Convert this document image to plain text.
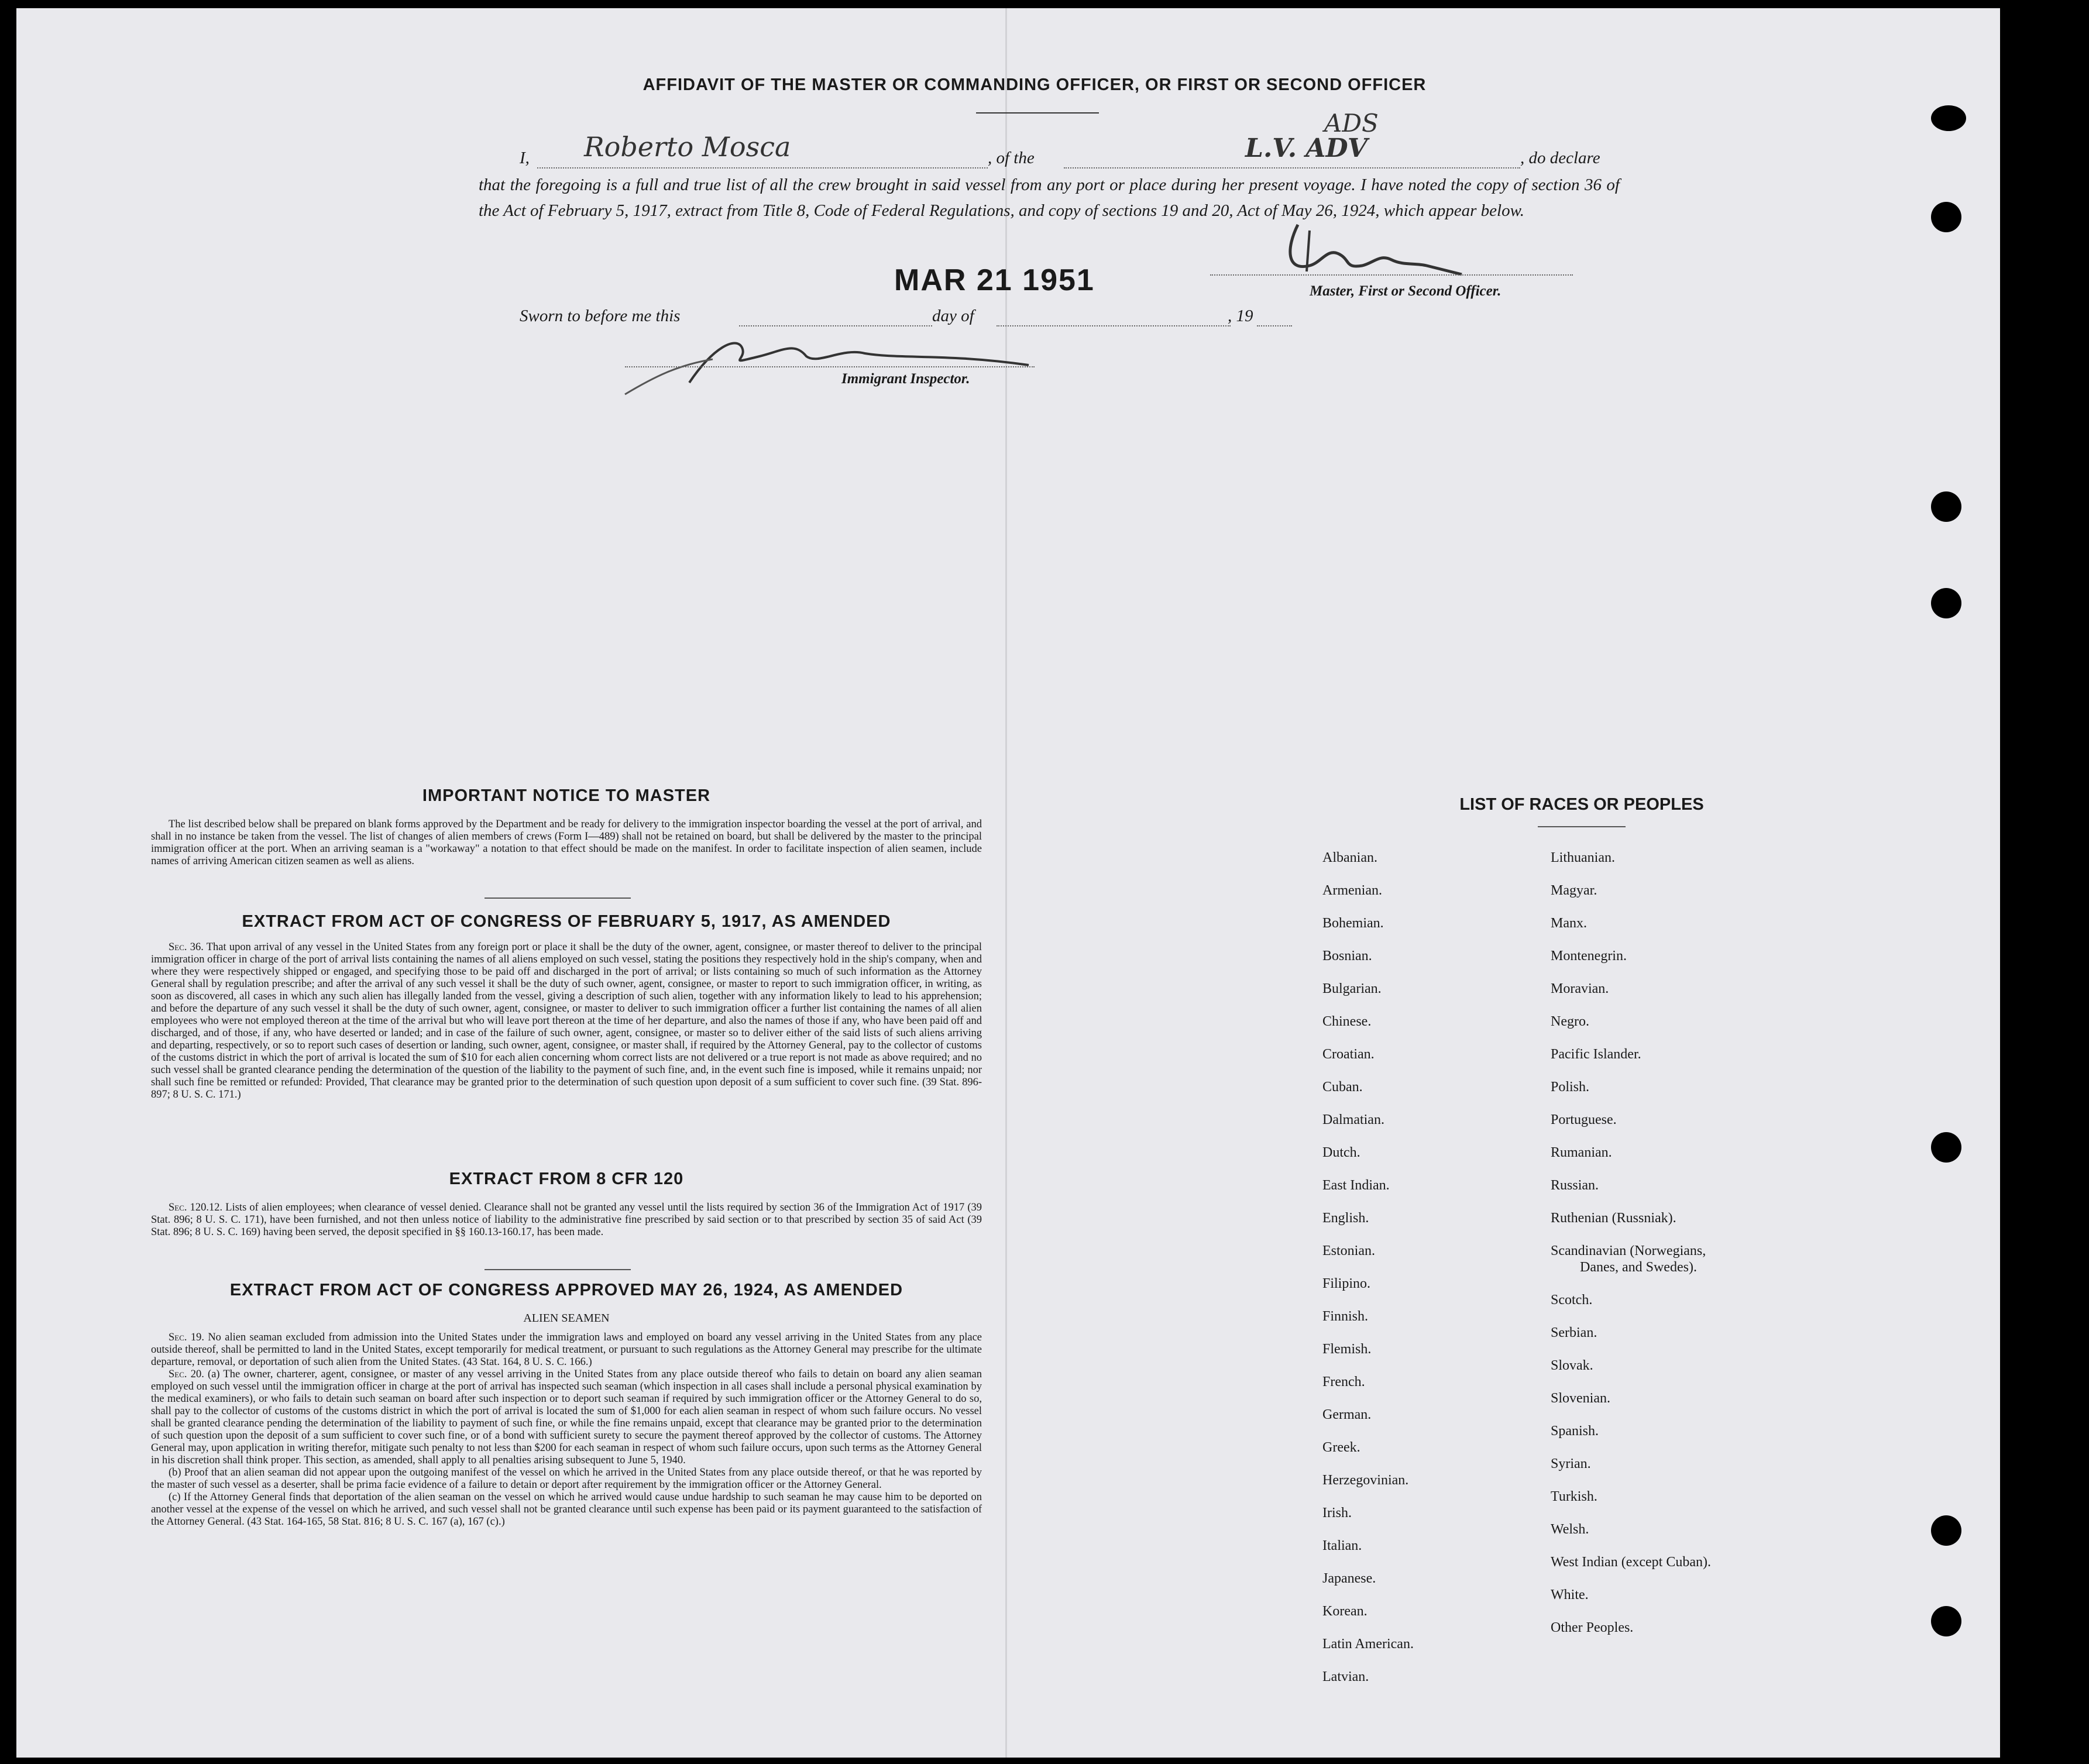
AFFIDAVIT OF THE MASTER OR COMMANDING OFFICER, OR FIRST OR SECOND OFFICER
I, Roberto Mosca	, of the
ADS
L.V. ADV	, do declare
that the foregoing is a full and true list of all the crew brought in said vessel from any port or place during her present voyage. I have noted the copy of section 36 of the Act of February 5, 1917, extract from Title 8, Code of Federal Regulations, and copy of sections 19 and 20, Act of May 26, 1924, which appear below.
MAR 21 1951	Master, First or Second Officer.
Sworn to before me this	day of	, 19
Immigrant Inspector.
IMPORTANT NOTICE TO MASTER

The list described below shall be prepared on blank forms approved by the Department and be ready for delivery to the immigration inspector boarding the vessel at the port of arrival, and shall in no instance be taken from the vessel. The list of changes of alien members of crews (Form I—489) shall not be retained on board, but shall be delivered by the master to the principal immigration officer at the port. When an arriving seaman is a "workaway" a notation to that effect should be made on the manifest. In order to facilitate inspection of alien seamen, include names of arriving American citizen seamen as well as aliens.

EXTRACT FROM ACT OF CONGRESS OF FEBRUARY 5, 1917, AS AMENDED

Sec. 36. That upon arrival of any vessel in the United States from any foreign port or place it shall be the duty of the owner, agent, consignee, or master thereof to deliver to the principal immigration officer in charge of the port of arrival lists containing the names of all aliens employed on such vessel, stating the positions they respectively hold in the ship's company, when and where they were respectively shipped or engaged, and specifying those to be paid off and discharged in the port of arrival; or lists containing so much of such information as the Attorney General shall by regulation prescribe; and after the arrival of any such vessel it shall be the duty of such owner, agent, consignee, or master to report to such immigration officer, in writing, as soon as discovered, all cases in which any such alien has illegally landed from the vessel, giving a description of such alien, together with any information likely to lead to his apprehension; and before the departure of any such vessel it shall be the duty of such owner, agent, consignee, or master to deliver to such immigration officer a further list containing the names of all alien employees who were not employed thereon at the time of the arrival but who will leave port thereon at the time of her departure, and also the names of those if any, who have been paid off and discharged, and of those, if any, who have deserted or landed; and in case of the failure of such owner, agent, consignee, or master so to deliver either of the said lists of such aliens arriving and departing, respectively, or so to report such cases of desertion or landing, such owner, agent, consignee, or master shall, if required by the Attorney General, pay to the collector of customs of the customs district in which the port of arrival is located the sum of $10 for each alien concerning whom correct lists are not delivered or a true report is not made as above required; and no such vessel shall be granted clearance pending the determination of the question of the liability to the payment of such fine, and, in the event such fine is imposed, while it remains unpaid; nor shall such fine be remitted or refunded: Provided, That clearance may be granted prior to the determination of such question upon deposit of a sum sufficient to cover such fine. (39 Stat. 896-897; 8 U. S. C. 171.)

EXTRACT FROM 8 CFR 120

Sec. 120.12. Lists of alien employees; when clearance of vessel denied. Clearance shall not be granted any vessel until the lists required by section 36 of the Immigration Act of 1917 (39 Stat. 896; 8 U. S. C. 171), have been furnished, and not then unless notice of liability to the administrative fine prescribed by said section or to that prescribed by section 35 of said Act (39 Stat. 896; 8 U. S. C. 169) having been served, the deposit specified in §§ 160.13-160.17, has been made.

EXTRACT FROM ACT OF CONGRESS APPROVED MAY 26, 1924, AS AMENDED
ALIEN SEAMEN

Sec. 19. No alien seaman excluded from admission into the United States under the immigration laws and employed on board any vessel arriving in the United States from any place outside thereof, shall be permitted to land in the United States, except temporarily for medical treatment, or pursuant to such regulations as the Attorney General may prescribe for the ultimate departure, removal, or deportation of such alien from the United States. (43 Stat. 164, 8 U. S. C. 166.)

Sec. 20. (a) The owner, charterer, agent, consignee, or master of any vessel arriving in the United States from any place outside thereof who fails to detain on board any alien seaman employed on such vessel until the immigration officer in charge at the port of arrival has inspected such seaman (which inspection in all cases shall include a personal physical examination by the medical examiners), or who fails to detain such seaman on board after such inspection or to deport such seaman if required by such immigration officer or the Attorney General to do so, shall pay to the collector of customs of the customs district in which the port of arrival is located the sum of $1,000 for each alien seaman in respect of whom such failure occurs. No vessel shall be granted clearance pending the determination of the liability to payment of such fine, or while the fine remains unpaid, except that clearance may be granted prior to the determination of such question upon the deposit of a sum sufficient to cover such fine, or of a bond with sufficient surety to secure the payment thereof approved by the collector of customs. The Attorney General may, upon application in writing therefor, mitigate such penalty to not less than $200 for each seaman in respect of whom such failure occurs, upon such terms as the Attorney General in his discretion shall think proper. This section, as amended, shall apply to all penalties arising subsequent to June 5, 1940.

(b) Proof that an alien seaman did not appear upon the outgoing manifest of the vessel on which he arrived in the United States from any place outside thereof, or that he was reported by the master of such vessel as a deserter, shall be prima facie evidence of a failure to detain or deport after requirement by the immigration officer or the Attorney General.

(c) If the Attorney General finds that deportation of the alien seaman on the vessel on which he arrived would cause undue hardship to such seaman he may cause him to be deported on another vessel at the expense of the vessel on which he arrived, and such vessel shall not be granted clearance until such expense has been paid or its payment guaranteed to the satisfaction of the Attorney General. (43 Stat. 164-165, 58 Stat. 816; 8 U. S. C. 167 (a), 167 (c).)

LIST OF RACES OR PEOPLES
Albanian.
Armenian.
Bohemian.
Bosnian.
Bulgarian.
Chinese.
Croatian.
Cuban.
Dalmatian.
Dutch.
East Indian.
English.
Estonian.
Filipino.
Finnish.
Flemish.
French.
German.
Greek.
Herzegovinian.
Irish.
Italian.
Japanese.
Korean.
Latin American.
Latvian.
Lithuanian.
Magyar.
Manx.
Montenegrin.
Moravian.
Negro.
Pacific Islander.
Polish.
Portuguese.
Rumanian.
Russian.
Ruthenian (Russniak).
Scandinavian (Norwegians,
Danes, and Swedes).
Scotch.
Serbian.
Slovak.
Slovenian.
Spanish.
Syrian.
Turkish.
Welsh.
West Indian (except Cuban).
White.
Other Peoples.
